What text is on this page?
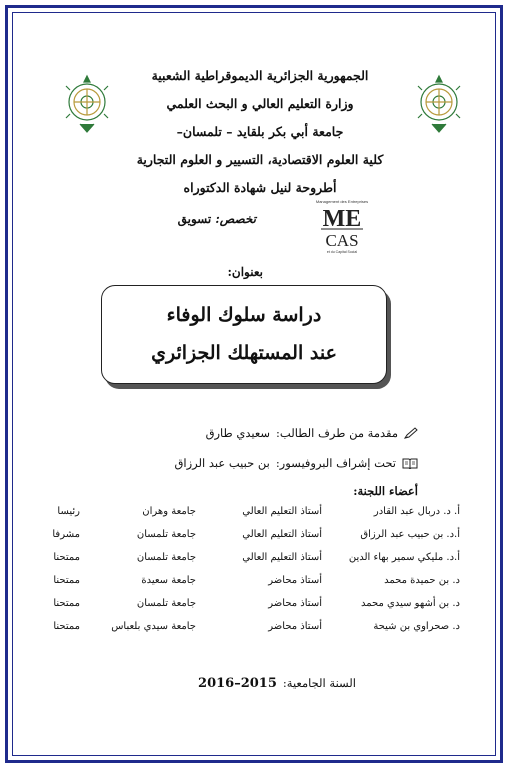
الجمهورية الجزائرية الديموقراطية الشعبية
وزارة التعليم العالي و البحث العلمي
جامعة أبي بكر بلقايد – تلمسان–
كلية العلوم الاقتصادية، التسيير و العلوم التجارية
أطروحة لنيل شهادة الدكتوراه
تخصص: تسويق
Management des Entreprises
ME
CAS
et du Capital Social
بعنوان:
دراسة سلوك الوفاء
عند المستهلك الجزائري
مقدمة من طرف الطالب:
سعيدي طارق
تحت إشراف البروفيسور:
بن حبيب عبد الرزاق
أعضاء اللجنة:
أ. د. دربال عبد القادر
أستاذ التعليم العالي
جامعة وهران
رئيسا
أ.د. بن حبيب عبد الرزاق
أستاذ التعليم العالي
جامعة تلمسان
مشرفا
أ.د. مليكي سمير بهاء الدين
أستاذ التعليم العالي
جامعة تلمسان
ممتحنا
د. بن حميدة محمد
أستاذ محاضر
جامعة سعيدة
ممتحنا
د. بن أشهو سيدي محمد
أستاذ محاضر
جامعة تلمسان
ممتحنا
د. صحراوي بن شيحة
أستاذ محاضر
جامعة سيدي بلعباس
ممتحنا
السنة الجامعية:
2015–2016
